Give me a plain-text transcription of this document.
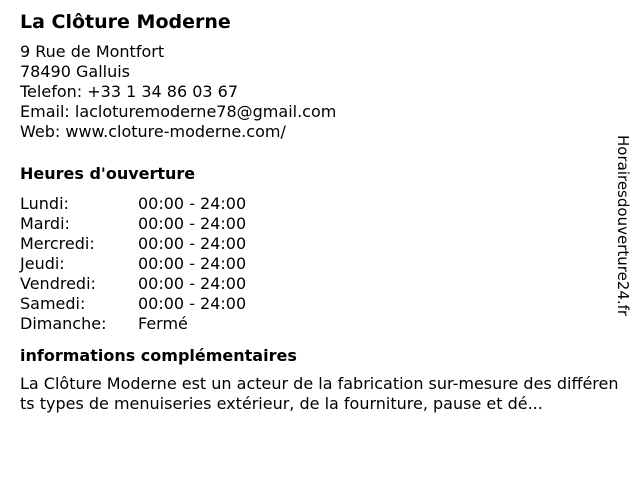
La Clôture Moderne
9 Rue de Montfort
78490 Galluis
Telefon: +33 1 34 86 03 67
Email: lacloturemoderne78@gmail.com
Web: www.cloture-moderne.com/
Heures d'ouverture
Lundi:	00:00 - 24:00
Mardi:	00:00 - 24:00
Mercredi:	00:00 - 24:00
Jeudi:	00:00 - 24:00
Vendredi:	00:00 - 24:00
Samedi:	00:00 - 24:00
Dimanche:	Fermé
informations complémentaires
La Clôture Moderne est un acteur de la fabrication sur-mesure des différents types de menuiseries extérieur, de la fourniture, pause et dé...
Horairesdouverture24.fr
